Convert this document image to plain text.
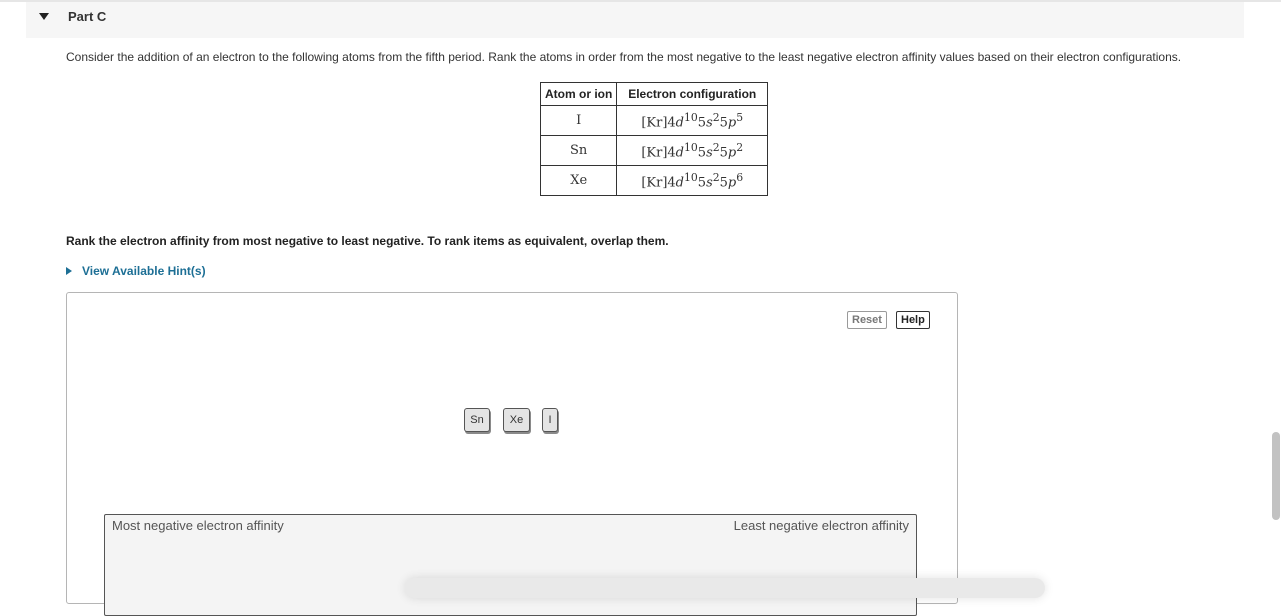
Part C
Consider the addition of an electron to the following atoms from the fifth period. Rank the atoms in order from the most negative to the least negative electron affinity values based on their electron configurations.
Atom or ion	Electron configuration
I	$[Kr]4d^{10}5s^25p^5$
Sn	$[Kr]4d^{10}5s^25p^2$
Xe	$[Kr]4d^{10}5s^25p^6$
Rank the electron affinity from most negative to least negative. To rank items as equivalent, overlap them.
View Available Hint(s)
Reset	Help
Sn	Xe	I
Most negative electron affinity	Least negative electron affinity
